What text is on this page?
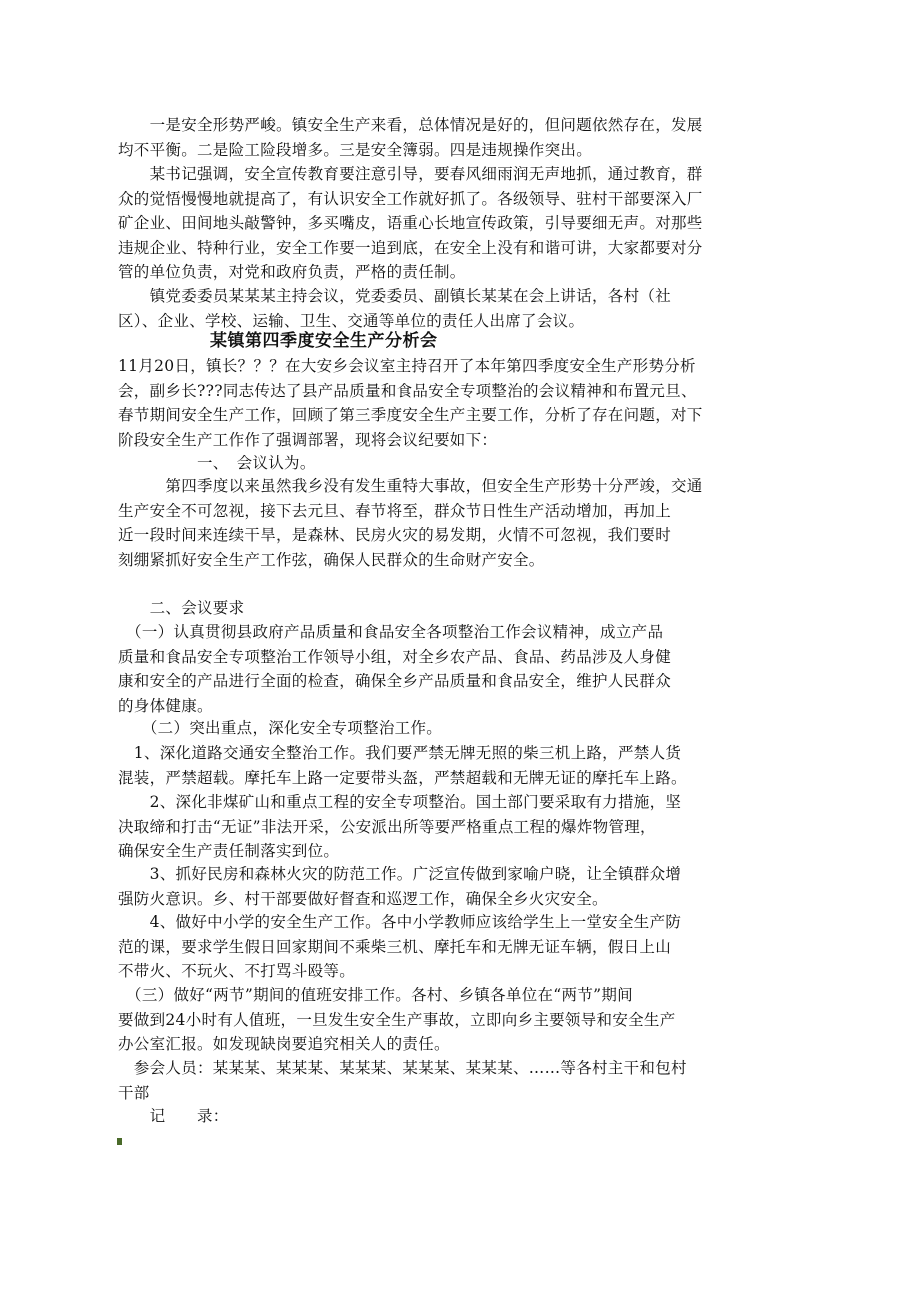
　　一是安全形势严峻。镇安全生产来看，总体情况是好的，但问题依然存在，发展
均不平衡。二是险工险段增多。三是安全簿弱。四是违规操作突出。
　　某书记强调，安全宣传教育要注意引导，要春风细雨润无声地抓，通过教育，群
众的觉悟慢慢地就提高了，有认识安全工作就好抓了。各级领导、驻村干部要深入厂
矿企业、田间地头敲警钟，多买嘴皮，语重心长地宣传政策，引导要细无声。对那些
违规企业、特种行业，安全工作要一追到底，在安全上没有和谐可讲，大家都要对分
管的单位负责，对党和政府负责，严格的责任制。
　　镇党委委员某某某主持会议，党委委员、副镇长某某在会上讲话，各村（社
区）、企业、学校、运输、卫生、交通等单位的责任人出席了会议。
某镇第四季度安全生产分析会
11月20日，镇长？？？在大安乡会议室主持召开了本年第四季度安全生产形势分析
会，副乡长???同志传达了县产品质量和食品安全专项整治的会议精神和布置元旦、
春节期间安全生产工作，回顾了第三季度安全生产主要工作，分析了存在问题，对下
阶段安全生产工作作了强调部署，现将会议纪要如下：
　　　　　一、　会议认为。
　　　第四季度以来虽然我乡没有发生重特大事故，但安全生产形势十分严竣，交通
生产安全不可忽视，接下去元旦、春节将至，群众节日性生产活动增加，再加上
近一段时间来连续干旱，是森林、民房火灾的易发期，火情不可忽视，我们要时
刻绷紧抓好安全生产工作弦，确保人民群众的生命财产安全。
　　二、会议要求
　（一）认真贯彻县政府产品质量和食品安全各项整治工作会议精神，成立产品
质量和食品安全专项整治工作领导小组，对全乡农产品、食品、药品涉及人身健
康和安全的产品进行全面的检查，确保全乡产品质量和食品安全，维护人民群众
的身体健康。
　　（二）突出重点，深化安全专项整治工作。
　1、深化道路交通安全整治工作。我们要严禁无牌无照的柴三机上路，严禁人货
混装，严禁超载。摩托车上路一定要带头盔，严禁超载和无牌无证的摩托车上路。
　　2、深化非煤矿山和重点工程的安全专项整治。国土部门要采取有力措施，坚
决取缔和打击“无证”非法开采，公安派出所等要严格重点工程的爆炸物管理，
确保安全生产责任制落实到位。
　　3、抓好民房和森林火灾的防范工作。广泛宣传做到家喻户晓，让全镇群众增
强防火意识。乡、村干部要做好督查和巡逻工作，确保全乡火灾安全。
　　4、做好中小学的安全生产工作。各中小学教师应该给学生上一堂安全生产防
范的课，要求学生假日回家期间不乘柴三机、摩托车和无牌无证车辆，假日上山
不带火、不玩火、不打骂斗殴等。
　（三）做好“两节”期间的值班安排工作。各村、乡镇各单位在“两节”期间
要做到24小时有人值班，一旦发生安全生产事故，立即向乡主要领导和安全生产
办公室汇报。如发现缺岗要追究相关人的责任。
　参会人员：某某某、某某某、某某某、某某某、某某某、……等各村主干和包村
干部
　　记　　录：
